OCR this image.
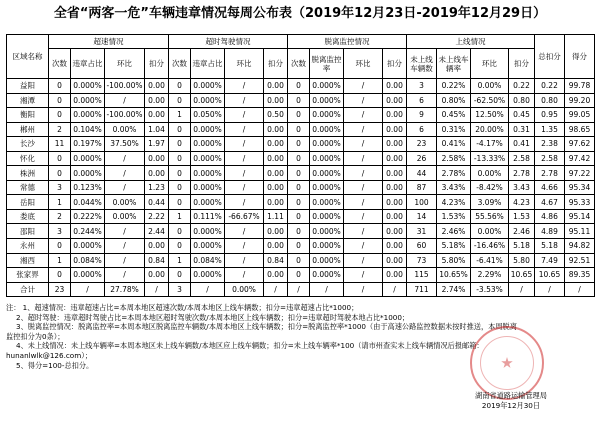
全省“两客一危”车辆违章情况每周公布表（2019年12月23日-2019年12月29日）
区域名称	超速情况				超时驾驶情况				脱离监控情况				上线情况				总扣分	得分
	次数	违章占比	环比	扣分	次数	违章占比	环比	扣分	次数	脱离监控率	环比	扣分	未上线车辆数	未上线车辆率	环比	扣分		
益阳	0	0.000%	-100.00%	0.00	0	0.000%	/	0.00	0	0.000%	/	0.00	3	0.22%	0.00%	0.22	0.22	99.78
湘潭	0	0.000%	/	0.00	0	0.000%	/	0.00	0	0.000%	/	0.00	6	0.80%	-62.50%	0.80	0.80	99.20
衡阳	0	0.000%	-100.00%	0.00	1	0.050%	/	0.50	0	0.000%	/	0.00	9	0.45%	12.50%	0.45	0.95	99.05
郴州	2	0.104%	0.00%	1.04	0	0.000%	/	0.00	0	0.000%	/	0.00	6	0.31%	20.00%	0.31	1.35	98.65
长沙	11	0.197%	37.50%	1.97	0	0.000%	/	0.00	0	0.000%	/	0.00	23	0.41%	-4.17%	0.41	2.38	97.62
怀化	0	0.000%	/	0.00	0	0.000%	/	0.00	0	0.000%	/	0.00	26	2.58%	-13.33%	2.58	2.58	97.42
株洲	0	0.000%	/	0.00	0	0.000%	/	0.00	0	0.000%	/	0.00	44	2.78%	0.00%	2.78	2.78	97.22
常德	3	0.123%	/	1.23	0	0.000%	/	0.00	0	0.000%	/	0.00	87	3.43%	-8.42%	3.43	4.66	95.34
岳阳	1	0.044%	0.00%	0.44	0	0.000%	/	0.00	0	0.000%	/	0.00	100	4.23%	3.09%	4.23	4.67	95.33
娄底	2	0.222%	0.00%	2.22	1	0.111%	-66.67%	1.11	0	0.000%	/	0.00	14	1.53%	55.56%	1.53	4.86	95.14
邵阳	3	0.244%	/	2.44	0	0.000%	/	0.00	0	0.000%	/	0.00	31	2.46%	0.00%	2.46	4.89	95.11
永州	0	0.000%	/	0.00	0	0.000%	/	0.00	0	0.000%	/	0.00	60	5.18%	-16.46%	5.18	5.18	94.82
湘西	1	0.084%	/	0.84	1	0.084%	/	0.84	0	0.000%	/	0.00	73	5.80%	-6.41%	5.80	7.49	92.51
张家界	0	0.000%	/	0.00	0	0.000%	/	0.00	0	0.000%	/	0.00	115	10.65%	2.29%	10.65	10.65	89.35
合计	23	/	27.78%	/	3	/	0.00%	/	/	/	/	/	711	2.74%	-3.53%	/	/	/
注： 1、超速情况：违章超速占比=本周本地区超速次数/本周本地区上线车辆数；扣分=违章超速占比*1000；
2、超时驾驶：违章超时驾驶占比=本周本地区超时驾驶次数/本周本地区上线车辆数；扣分=违章超时驾驶本地占比*1000；
3、脱离监控情况：脱离监控率=本周本地区脱离监控车辆数/本周本地区上线车辆数；扣分=脱离监控率*1000（由于高速公路监控数据未按时推送，本周脱离
监控扣分为0条）；
4、未上线情况：未上线车辆率=本周本地区未上线车辆数/本地区应上线车辆数；扣分=未上线车辆率*100（请市州查实未上线车辆情况后报邮箱：
hunanlwlk@126.com）；
5、得分=100-总扣分。
湖南省道路运输管理局
2019年12月30日
